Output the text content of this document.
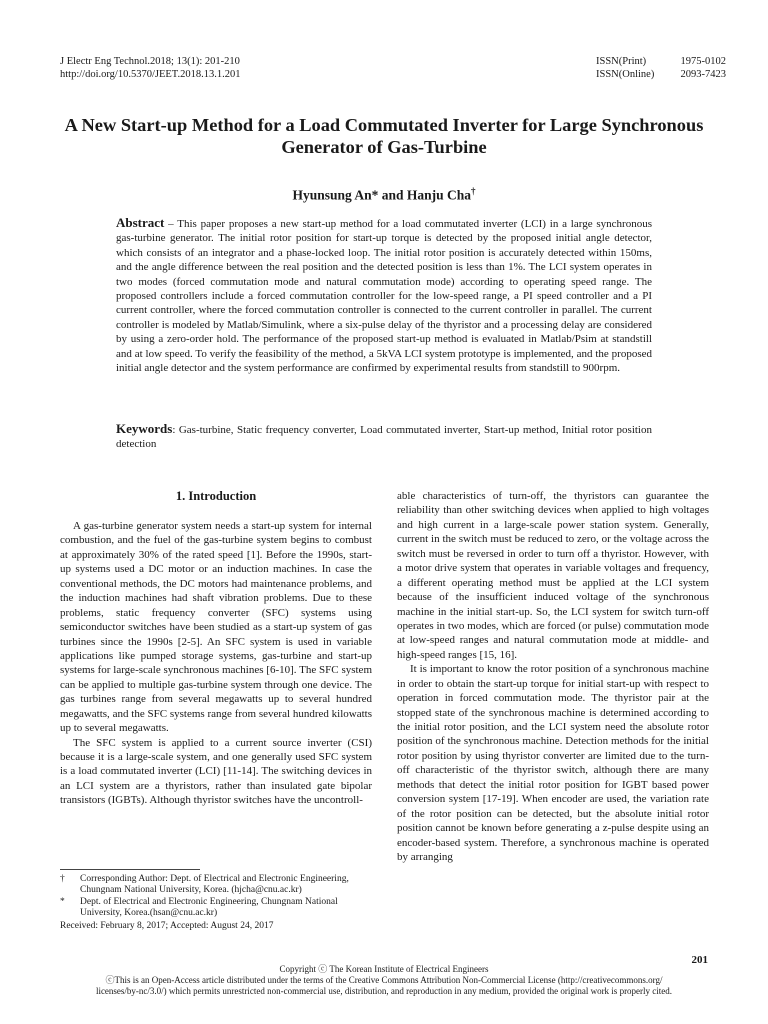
J Electr Eng Technol.2018; 13(1): 201-210
http://doi.org/10.5370/JEET.2018.13.1.201
ISSN(Print)	1975-0102
ISSN(Online) 2093-7423
A New Start-up Method for a Load Commutated Inverter for Large Synchronous Generator of Gas-Turbine
Hyunsung An* and Hanju Cha†
Abstract – This paper proposes a new start-up method for a load commutated inverter (LCI) in a large synchronous gas-turbine generator. The initial rotor position for start-up torque is detected by the proposed initial angle detector, which consists of an integrator and a phase-locked loop. The initial rotor position is accurately detected within 150ms, and the angle difference between the real position and the detected position is less than 1%. The LCI system operates in two modes (forced commutation mode and natural commutation mode) according to operating speed range. The proposed controllers include a forced commutation controller for the low-speed range, a PI speed controller and a PI current controller, where the forced commutation controller is connected to the current controller in parallel. The current controller is modeled by Matlab/Simulink, where a six-pulse delay of the thyristor and a processing delay are considered by using a zero-order hold. The performance of the proposed start-up method is evaluated in Matlab/Psim at standstill and at low speed. To verify the feasibility of the method, a 5kVA LCI system prototype is implemented, and the proposed initial angle detector and the system performance are confirmed by experimental results from standstill to 900rpm.
Keywords: Gas-turbine, Static frequency converter, Load commutated inverter, Start-up method, Initial rotor position detection
1. Introduction

A gas-turbine generator system needs a start-up system for internal combustion, and the fuel of the gas-turbine system begins to combust at approximately 30% of the rated speed [1]. Before the 1990s, start-up systems used a DC motor or an induction machines. In case the conventional methods, the DC motors had maintenance problems, and the induction machines had shaft vibration problems. Due to these problems, static frequency converter (SFC) systems using semiconductor switches have been studied as a start-up system of gas turbines since the 1990s [2-5]. An SFC system is used in variable applications like pumped storage systems, gas-turbine and start-up systems for large-scale synchronous machines [6-10]. The SFC system can be applied to multiple gas-turbine system through one device. The gas turbines range from several megawatts up to several hundred megawatts, and the SFC systems range from several hundred kilowatts up to several megawatts.

The SFC system is applied to a current source inverter (CSI) because it is a large-scale system, and one generally used SFC system is a load commutated inverter (LCI) [11-14]. The switching devices in an LCI system are a thyristors, rather than insulated gate bipolar transistors (IGBTs). Although thyristor switches have the uncontroll-

able characteristics of turn-off, the thyristors can guarantee the reliability than other switching devices when applied to high voltages and high current in a large-scale power station system. Generally, current in the switch must be reduced to zero, or the voltage across the switch must be reversed in order to turn off a thyristor. However, with a motor drive system that operates in variable voltages and frequency, a different operating method must be applied at the LCI system because of the insufficient induced voltage of the synchronous machine in the initial start-up. So, the LCI system for switch turn-off operates in two modes, which are forced (or pulse) commutation mode at low-speed ranges and natural commutation mode at middle- and high-speed ranges [15, 16].

It is important to know the rotor position of a synchronous machine in order to obtain the start-up torque for initial start-up with respect to operation in forced commutation mode. The thyristor pair at the stopped state of the synchronous machine is determined according to the initial rotor position, and the LCI system need the absolute rotor position of the synchronous machine. Detection methods for the initial rotor position by using thyristor converter are limited due to the turn-off characteristic of the thyristor switch, although there are many methods that detect the initial rotor position for IGBT based power conversion system [17-19]. When encoder are used, the variation rate of the rotor position can be detected, but the absolute initial rotor position cannot be known before generating a z-pulse despite using an encoder-based system. Therefore, a synchronous machine is operated by arranging

† Corresponding Author: Dept. of Electrical and Electronic Engineering, Chungnam National University, Korea. (hjcha@cnu.ac.kr)
* Dept. of Electrical and Electronic Engineering, Chungnam National University, Korea.(hsan@cnu.ac.kr)
Received: February 8, 2017; Accepted: August 24, 2017
201
Copyright ⓒ The Korean Institute of Electrical Engineers
ⓒThis is an Open-Access article distributed under the terms of the Creative Commons Attribution Non-Commercial License (http://creativecommons.org/
licenses/by-nc/3.0/) which permits unrestricted non-commercial use, distribution, and reproduction in any medium, provided the original work is properly cited.
